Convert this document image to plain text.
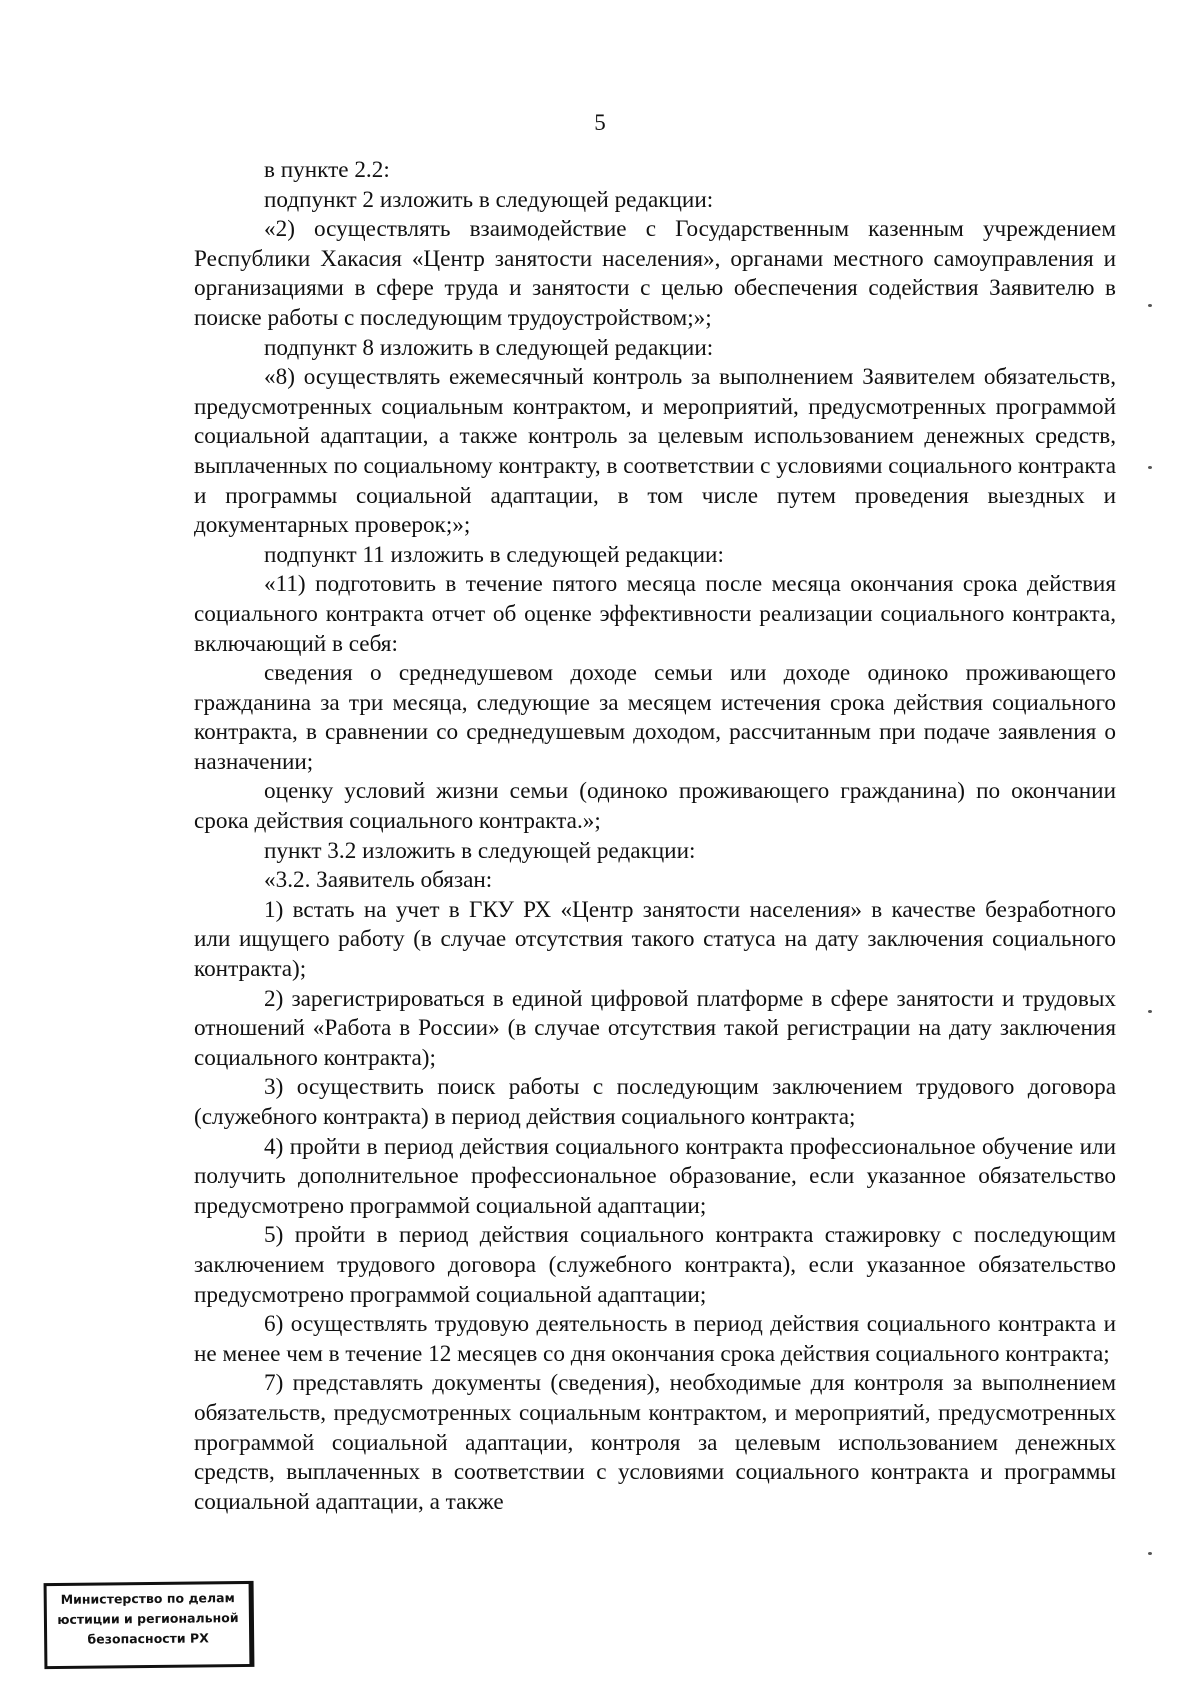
5

в пункте 2.2:

подпункт 2 изложить в следующей редакции:

«2) осуществлять взаимодействие с Государственным казенным учреждением Республики Хакасия «Центр занятости населения», органами местного самоуправления и организациями в сфере труда и занятости с целью обеспечения содействия Заявителю в поиске работы с последующим трудоустройством;»;

подпункт 8 изложить в следующей редакции:

«8) осуществлять ежемесячный контроль за выполнением Заявителем обязательств, предусмотренных социальным контрактом, и мероприятий, предусмотренных программой социальной адаптации, а также контроль за целевым использованием денежных средств, выплаченных по социальному контракту, в соответствии с условиями социального контракта и программы социальной адаптации, в том числе путем проведения выездных и документарных проверок;»;

подпункт 11 изложить в следующей редакции:

«11) подготовить в течение пятого месяца после месяца окончания срока действия социального контракта отчет об оценке эффективности реализации социального контракта, включающий в себя:

сведения о среднедушевом доходе семьи или доходе одиноко проживающего гражданина за три месяца, следующие за месяцем истечения срока действия социального контракта, в сравнении со среднедушевым доходом, рассчитанным при подаче заявления о назначении;

оценку условий жизни семьи (одиноко проживающего гражданина) по окончании срока действия социального контракта.»;

пункт 3.2 изложить в следующей редакции:

«3.2. Заявитель обязан:

1) встать на учет в ГКУ РХ «Центр занятости населения» в качестве безработного или ищущего работу (в случае отсутствия такого статуса на дату заключения социального контракта);

2) зарегистрироваться в единой цифровой платформе в сфере занятости и трудовых отношений «Работа в России» (в случае отсутствия такой регистрации на дату заключения социального контракта);

3) осуществить поиск работы с последующим заключением трудового договора (служебного контракта) в период действия социального контракта;

4) пройти в период действия социального контракта профессиональное обучение или получить дополнительное профессиональное образование, если указанное обязательство предусмотрено программой социальной адаптации;

5) пройти в период действия социального контракта стажировку с последующим заключением трудового договора (служебного контракта), если указанное обязательство предусмотрено программой социальной адаптации;

6) осуществлять трудовую деятельность в период действия социального контракта и не менее чем в течение 12 месяцев со дня окончания срока действия социального контракта;

7) представлять документы (сведения), необходимые для контроля за выполнением обязательств, предусмотренных социальным контрактом, и мероприятий, предусмотренных программой социальной адаптации, контроля за целевым использованием денежных средств, выплаченных в соответствии с условиями социального контракта и программы социальной адаптации, а также

Министерство по делам
юстиции и региональной
безопасности РХ
